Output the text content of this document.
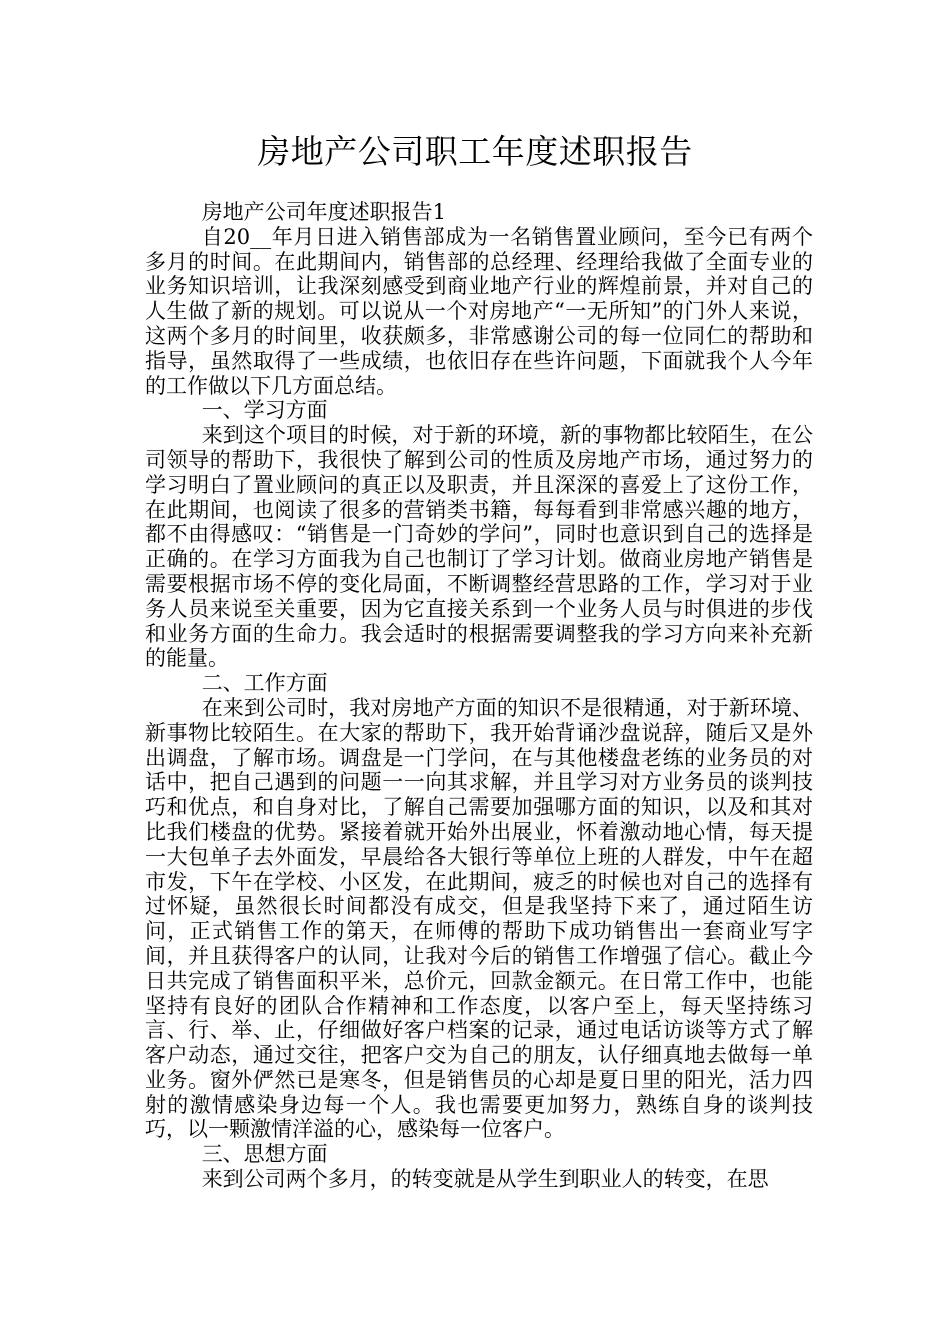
房地产公司职工年度述职报告

房地产公司年度述职报告1

自20__年月日进入销售部成为一名销售置业顾问，至今已有两个多月的时间。在此期间内，销售部的总经理、经理给我做了全面专业的业务知识培训，让我深刻感受到商业地产行业的辉煌前景，并对自己的人生做了新的规划。可以说从一个对房地产“一无所知”的门外人来说，这两个多月的时间里，收获颇多，非常感谢公司的每一位同仁的帮助和指导，虽然取得了一些成绩，也依旧存在些许问题，下面就我个人今年的工作做以下几方面总结。

一、学习方面

来到这个项目的时候，对于新的环境，新的事物都比较陌生，在公司领导的帮助下，我很快了解到公司的性质及房地产市场，通过努力的学习明白了置业顾问的真正以及职责，并且深深的喜爱上了这份工作，在此期间，也阅读了很多的营销类书籍，每每看到非常感兴趣的地方，都不由得感叹：“销售是一门奇妙的学问”，同时也意识到自己的选择是正确的。在学习方面我为自己也制订了学习计划。做商业房地产销售是需要根据市场不停的变化局面，不断调整经营思路的工作，学习对于业务人员来说至关重要，因为它直接关系到一个业务人员与时俱进的步伐和业务方面的生命力。我会适时的根据需要调整我的学习方向来补充新的能量。

二、工作方面

在来到公司时，我对房地产方面的知识不是很精通，对于新环境、新事物比较陌生。在大家的帮助下，我开始背诵沙盘说辞，随后又是外出调盘，了解市场。调盘是一门学问，在与其他楼盘老练的业务员的对话中，把自己遇到的问题一一向其求解，并且学习对方业务员的谈判技巧和优点，和自身对比，了解自己需要加强哪方面的知识，以及和其对比我们楼盘的优势。紧接着就开始外出展业，怀着激动地心情，每天提一大包单子去外面发，早晨给各大银行等单位上班的人群发，中午在超市发，下午在学校、小区发，在此期间，疲乏的时候也对自己的选择有过怀疑，虽然很长时间都没有成交，但是我坚持下来了，通过陌生访问，正式销售工作的第天，在师傅的帮助下成功销售出一套商业写字间，并且获得客户的认同，让我对今后的销售工作增强了信心。截止今日共完成了销售面积平米，总价元，回款金额元。在日常工作中，也能坚持有良好的团队合作精神和工作态度，以客户至上，每天坚持练习言、行、举、止，仔细做好客户档案的记录，通过电话访谈等方式了解客户动态，通过交往，把客户交为自己的朋友，认仔细真地去做每一单业务。窗外俨然已是寒冬，但是销售员的心却是夏日里的阳光，活力四射的激情感染身边每一个人。我也需要更加努力，熟练自身的谈判技巧，以一颗激情洋溢的心，感染每一位客户。

三、思想方面

来到公司两个多月，的转变就是从学生到职业人的转变，在思
